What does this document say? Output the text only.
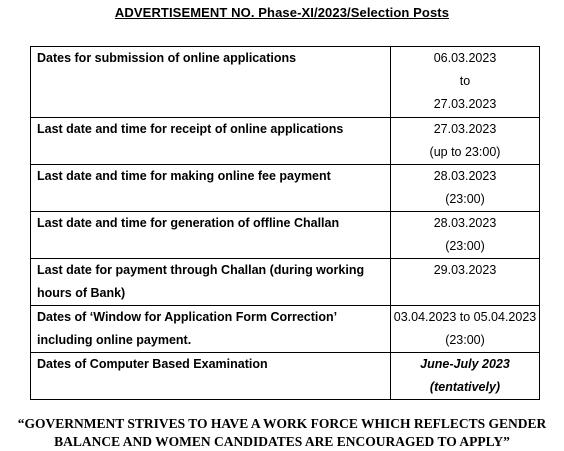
ADVERTISEMENT NO. Phase-XI/2023/Selection Posts
Dates for submission of online applications	06.03.2023
to
27.03.2023

Last date and time for receipt of online applications	27.03.2023
(up to 23:00)

Last date and time for making online fee payment	28.03.2023
(23:00)

Last date and time for generation of offline Challan	28.03.2023
(23:00)

Last date for payment through Challan (during working hours of Bank)	29.03.2023

Dates of ‘Window for Application Form Correction’ including online payment.	03.04.2023 to 05.04.2023
(23:00)

Dates of Computer Based Examination	June-July 2023
(tentatively)
“GOVERNMENT STRIVES TO HAVE A WORK FORCE WHICH REFLECTS GENDER
BALANCE AND WOMEN CANDIDATES ARE ENCOURAGED TO APPLY”
